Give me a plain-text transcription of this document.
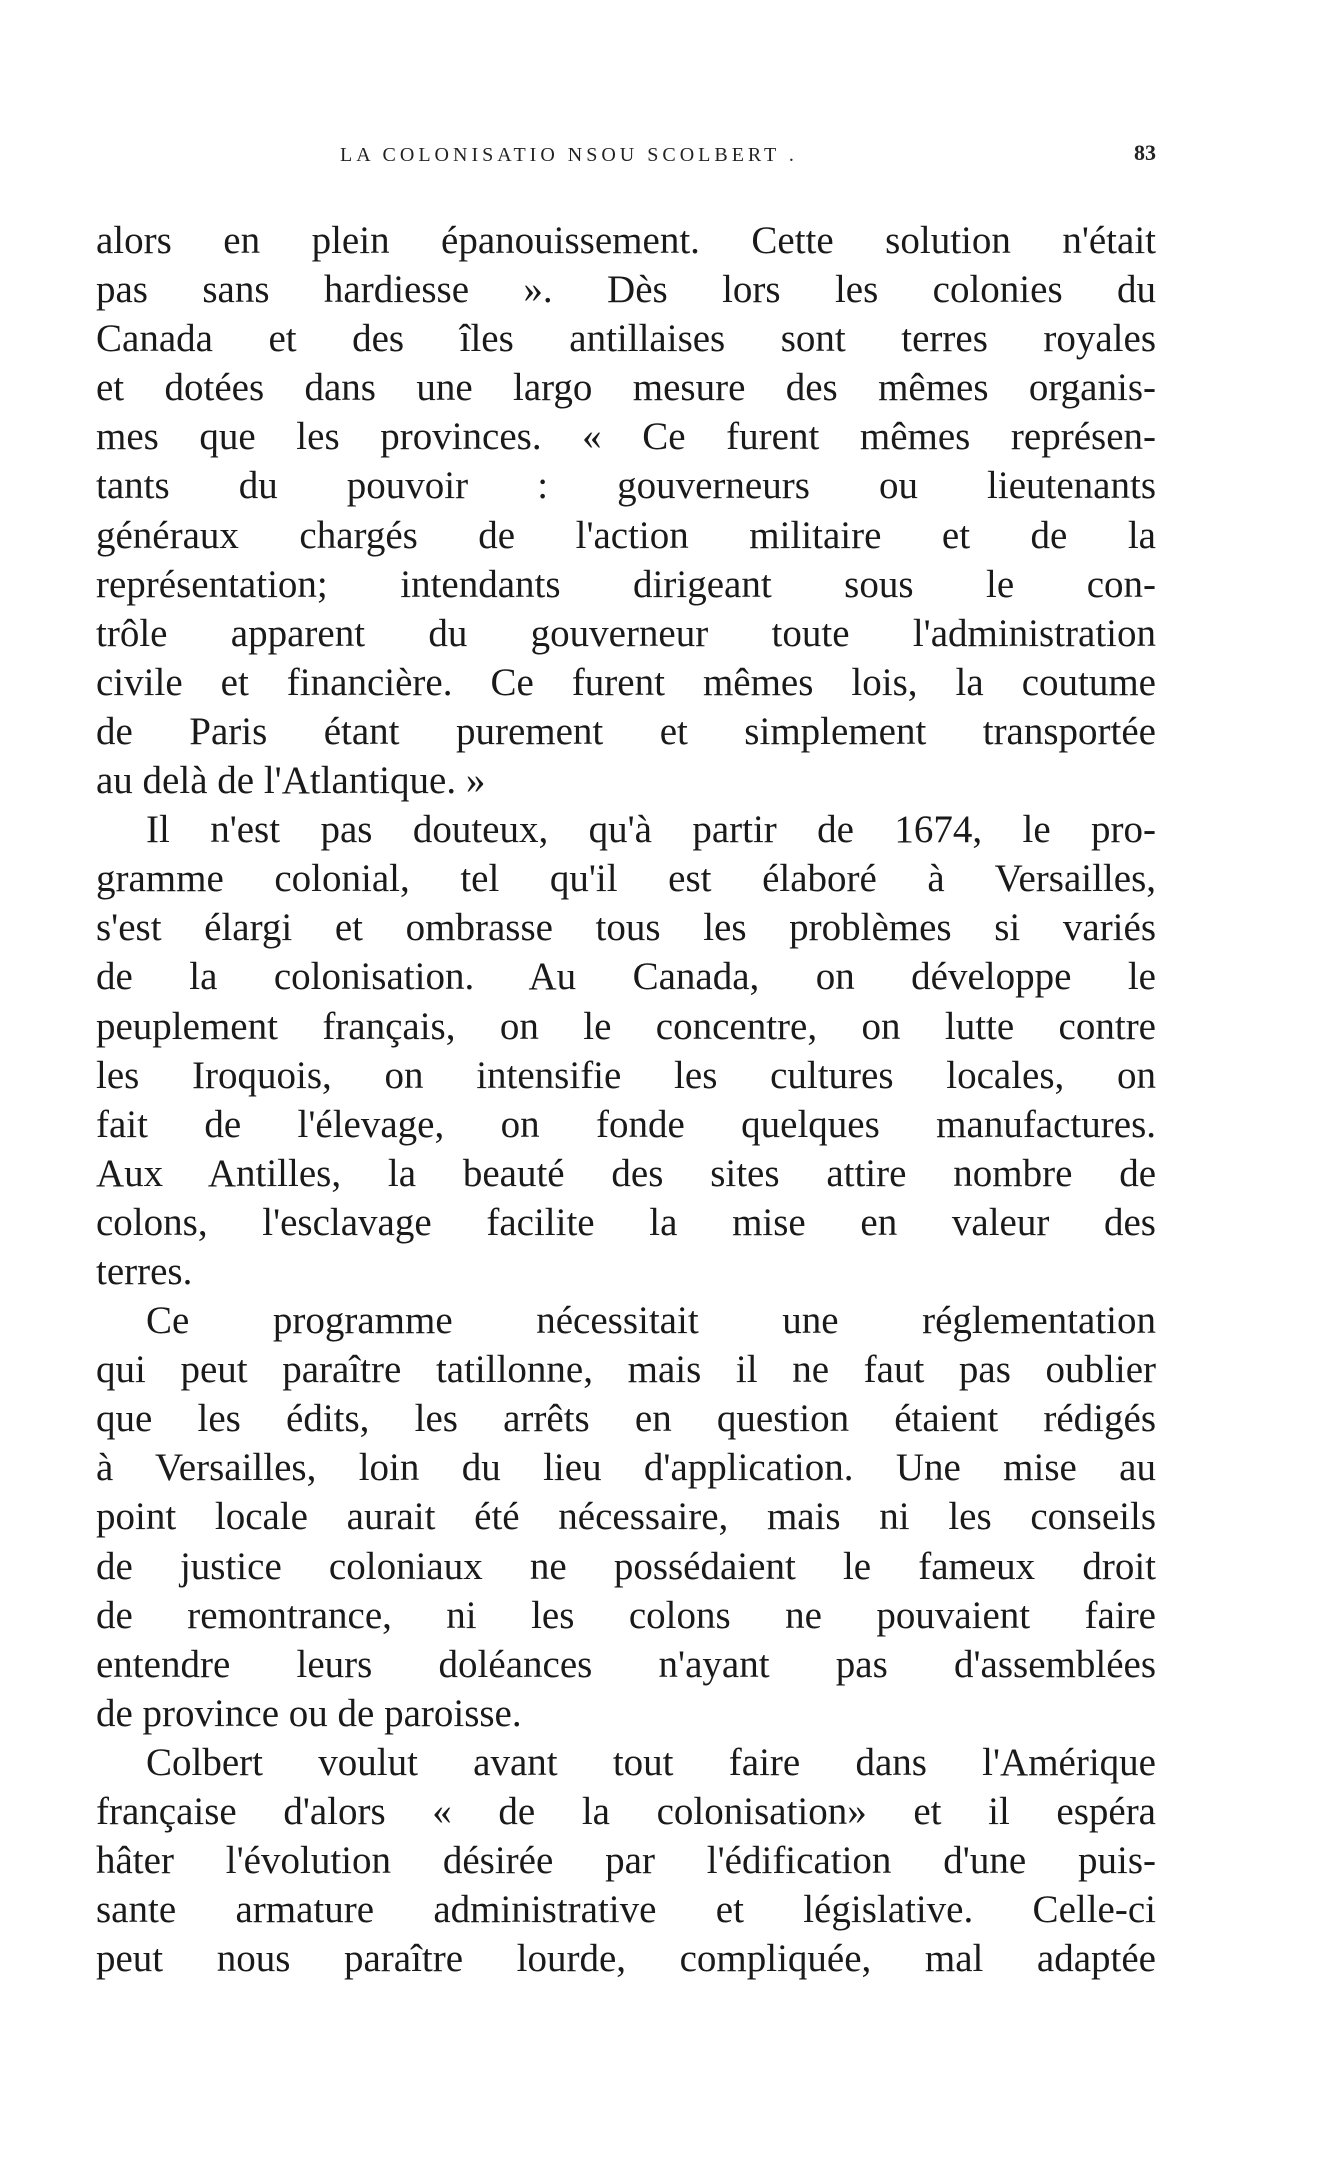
LA COLONISATIO NSOU SCOLBERT .	83
alors en plein épanouissement. Cette solution n'était
pas sans hardiesse ». Dès lors les colonies du
Canada et des îles antillaises sont terres royales
et dotées dans une largo mesure des mêmes organis-
mes que les provinces. « Ce furent mêmes représen-
tants du pouvoir : gouverneurs ou lieutenants
généraux chargés de l'action militaire et de la
représentation; intendants dirigeant sous le con-
trôle apparent du gouverneur toute l'administration
civile et financière. Ce furent mêmes lois, la coutume
de Paris étant purement et simplement transportée
au delà de l'Atlantique. »
Il n'est pas douteux, qu'à partir de 1674, le pro-
gramme colonial, tel qu'il est élaboré à Versailles,
s'est élargi et ombrasse tous les problèmes si variés
de la colonisation. Au Canada, on développe le
peuplement français, on le concentre, on lutte contre
les Iroquois, on intensifie les cultures locales, on
fait de l'élevage, on fonde quelques manufactures.
Aux Antilles, la beauté des sites attire nombre de
colons, l'esclavage facilite la mise en valeur des
terres.
Ce programme nécessitait une réglementation
qui peut paraître tatillonne, mais il ne faut pas oublier
que les édits, les arrêts en question étaient rédigés
à Versailles, loin du lieu d'application. Une mise au
point locale aurait été nécessaire, mais ni les conseils
de justice coloniaux ne possédaient le fameux droit
de remontrance, ni les colons ne pouvaient faire
entendre leurs doléances n'ayant pas d'assemblées
de province ou de paroisse.
Colbert voulut avant tout faire dans l'Amérique
française d'alors « de la colonisation» et il espéra
hâter l'évolution désirée par l'édification d'une puis-
sante armature administrative et législative. Celle-ci
peut nous paraître lourde, compliquée, mal adaptée
